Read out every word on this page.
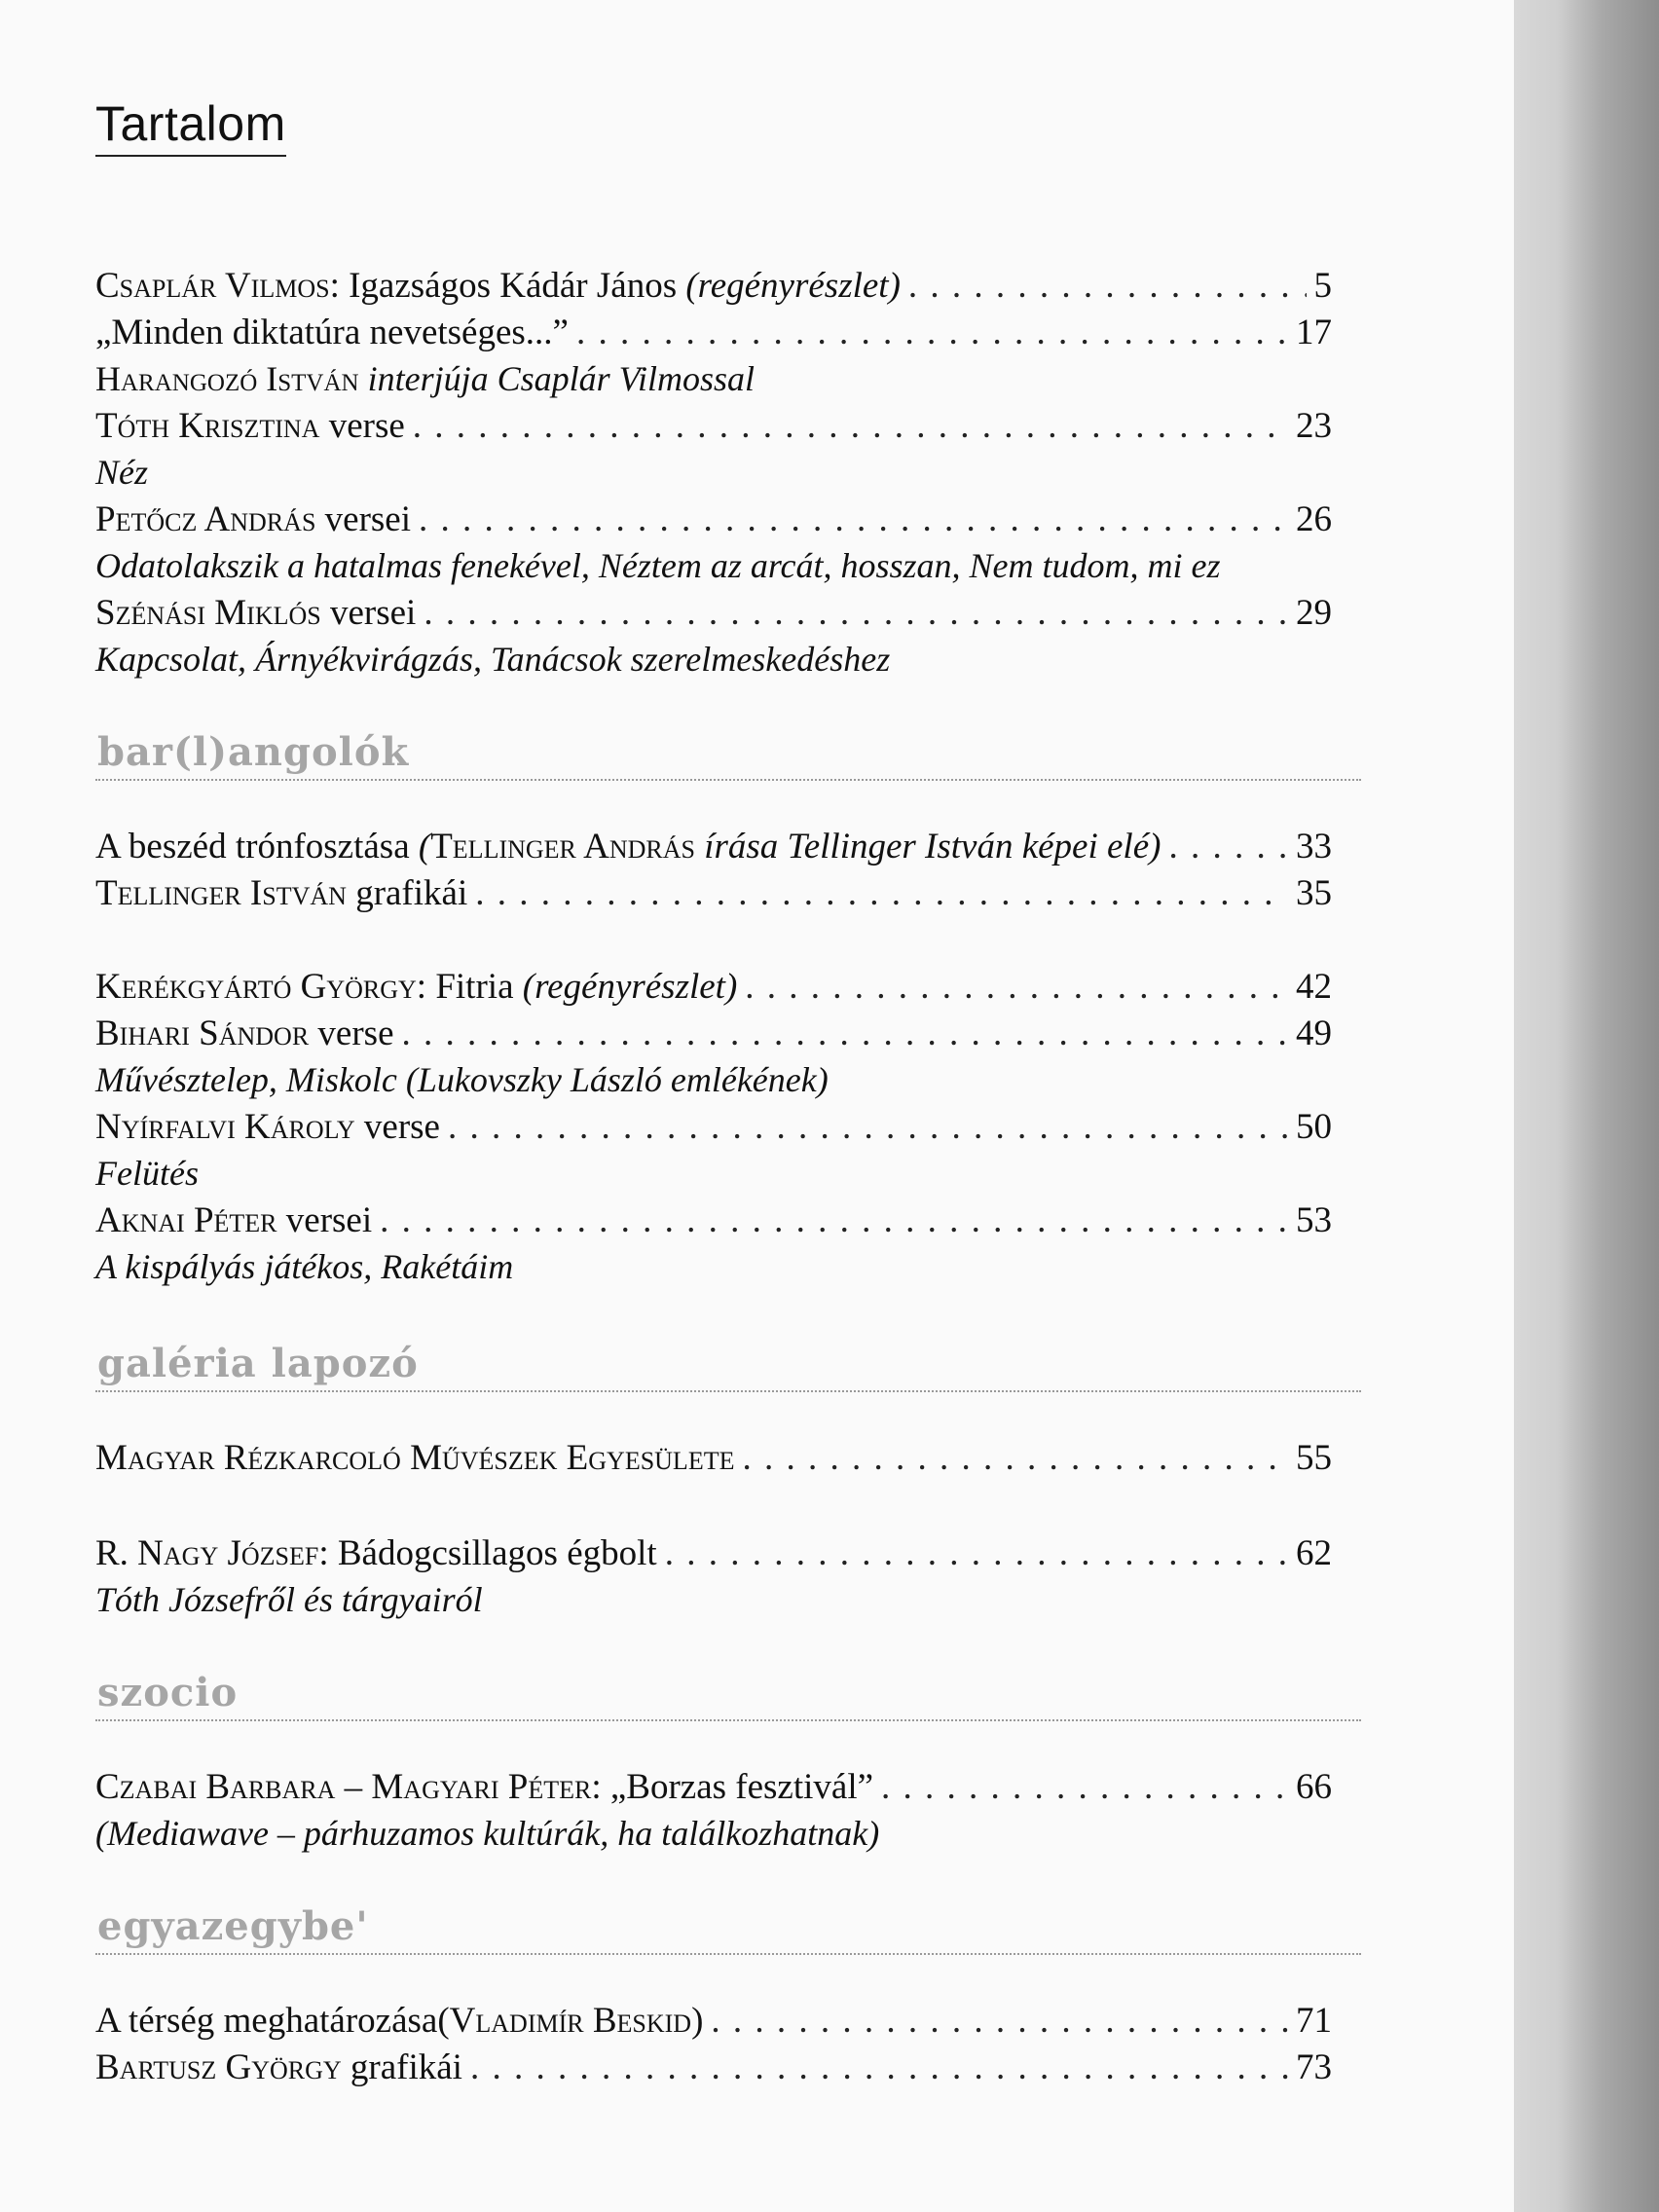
Tartalom
Csaplár Vilmos: Igazságos Kádár János (regényrészlet) . . .	5
„Minden diktatúra nevetséges...” . . .	17
Harangozó István interjúja Csaplár Vilmossal
Tóth Krisztina verse . . .	23
Néz
Petőcz András versei . . .	26
Odatolakszik a hatalmas fenekével, Néztem az arcát, hosszan, Nem tudom, mi ez
Szénási Miklós versei . . .	29
Kapcsolat, Árnyékvirágzás, Tanácsok szerelmeskedéshez
bar(l)angolók
A beszéd trónfosztása (Tellinger András írása Tellinger István képei elé) . . .	33
Tellinger István grafikái . . .	35
Kerékgyártó György: Fitria (regényrészlet) . . .	42
Bihari Sándor verse . . .	49
Művésztelep, Miskolc (Lukovszky László emlékének)
Nyírfalvi Károly verse . . .	50
Felütés
Aknai Péter versei . . .	53
A kispályás játékos, Rakétáim
galéria lapozó
Magyar Rézkarcoló Művészek Egyesülete . . .	55
R. Nagy József: Bádogcsillagos égbolt . . .	62
Tóth Józsefről és tárgyairól
szocio
Czabai Barbara – Magyari Péter: „Borzas fesztivál” . . .	66
(Mediawave – párhuzamos kultúrák, ha találkozhatnak)
egyazegybe'
A térség meghatározása(Vladimír Beskid) . . .	71
Bartusz György grafikái . . .	73
